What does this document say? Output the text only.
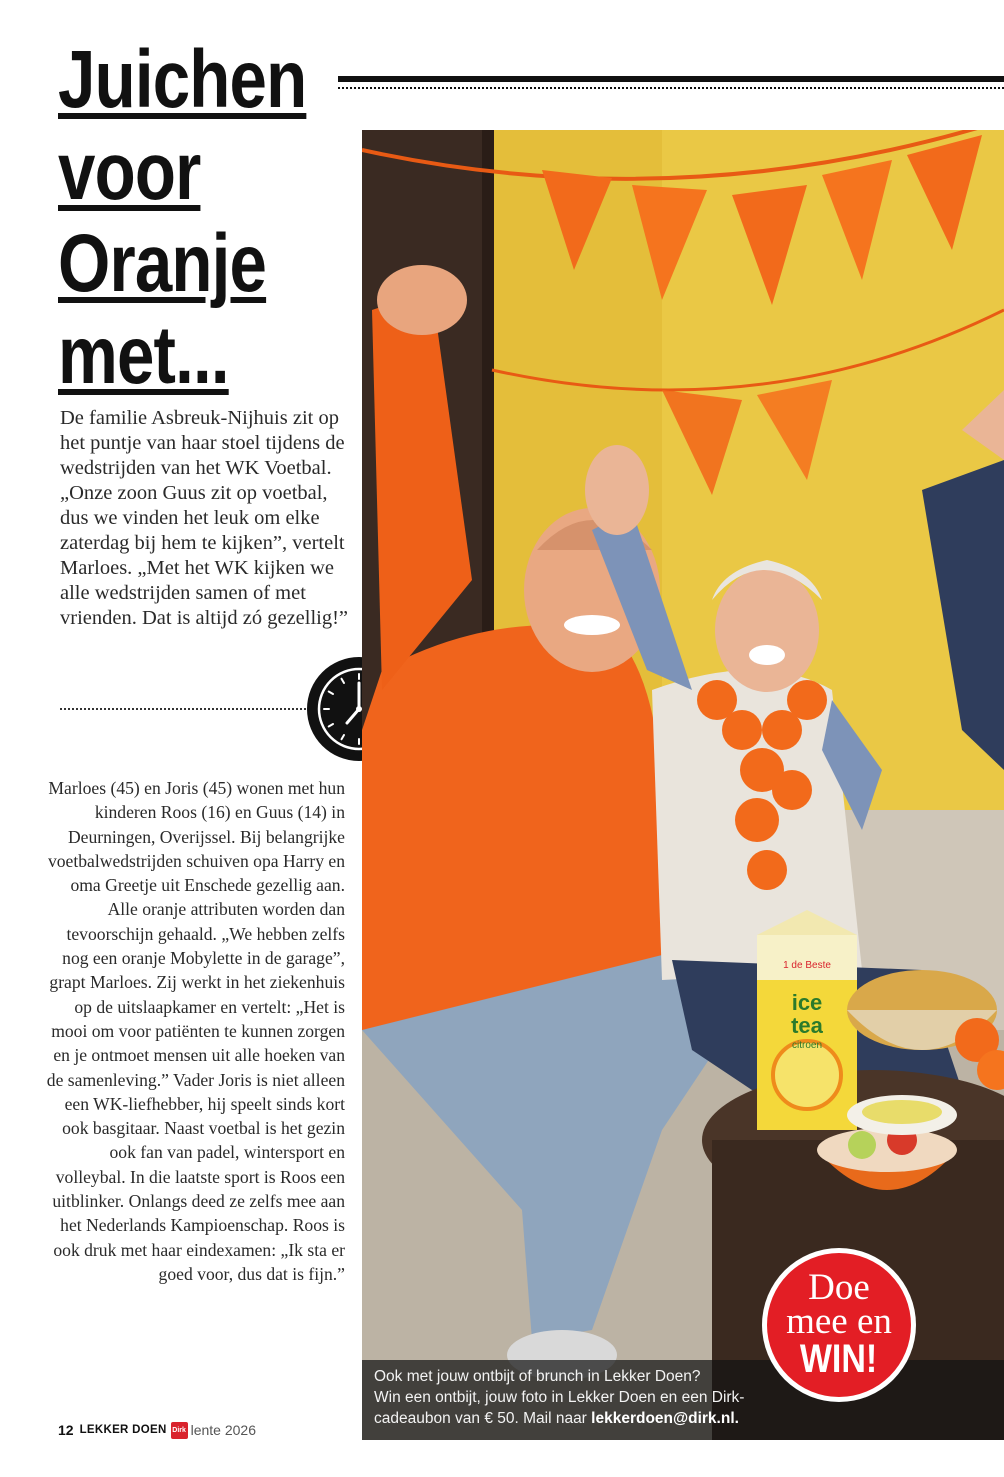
Juichen
voor
Oranje
met...

De familie Asbreuk-Nijhuis zit op het puntje van haar stoel tijdens de wedstrijden van het WK Voetbal. „Onze zoon Guus zit op voetbal, dus we vinden het leuk om elke zaterdag bij hem te kijken”, vertelt Marloes. „Met het WK kijken we alle wedstrijden samen of met vrienden. Dat is altijd zó gezellig!”

Marloes (45) en Joris (45) wonen met hun kinderen Roos (16) en Guus (14) in Deurningen, Overijssel. Bij belangrijke voetbalwedstrijden schuiven opa Harry en oma Greetje uit Enschede gezellig aan. Alle oranje attributen worden dan tevoorschijn gehaald. „We hebben zelfs nog een oranje Mobylette in de garage”, grapt Marloes. Zij werkt in het ziekenhuis op de uitslaapkamer en vertelt: „Het is mooi om voor patiënten te kunnen zorgen en je ontmoet mensen uit alle hoeken van de samenleving.” Vader Joris is niet alleen een WK-liefhebber, hij speelt sinds kort ook basgitaar. Naast voetbal is het gezin ook fan van padel, wintersport en volleybal. In die laatste sport is Roos een uitblinker. Onlangs deed ze zelfs mee aan het Nederlands Kampioenschap. Roos is ook druk met haar eindexamen: „Ik sta er goed voor, dus dat is fijn.”

12 LEKKER DOEN Dirk lente 2026
1 de Beste
ice
tea
citroen
Ook met jouw ontbijt of brunch in Lekker Doen?
Win een ontbijt, jouw foto in Lekker Doen en een Dirk-
cadeaubon van € 50. Mail naar lekkerdoen@dirk.nl.
Doe
mee en
WIN!
